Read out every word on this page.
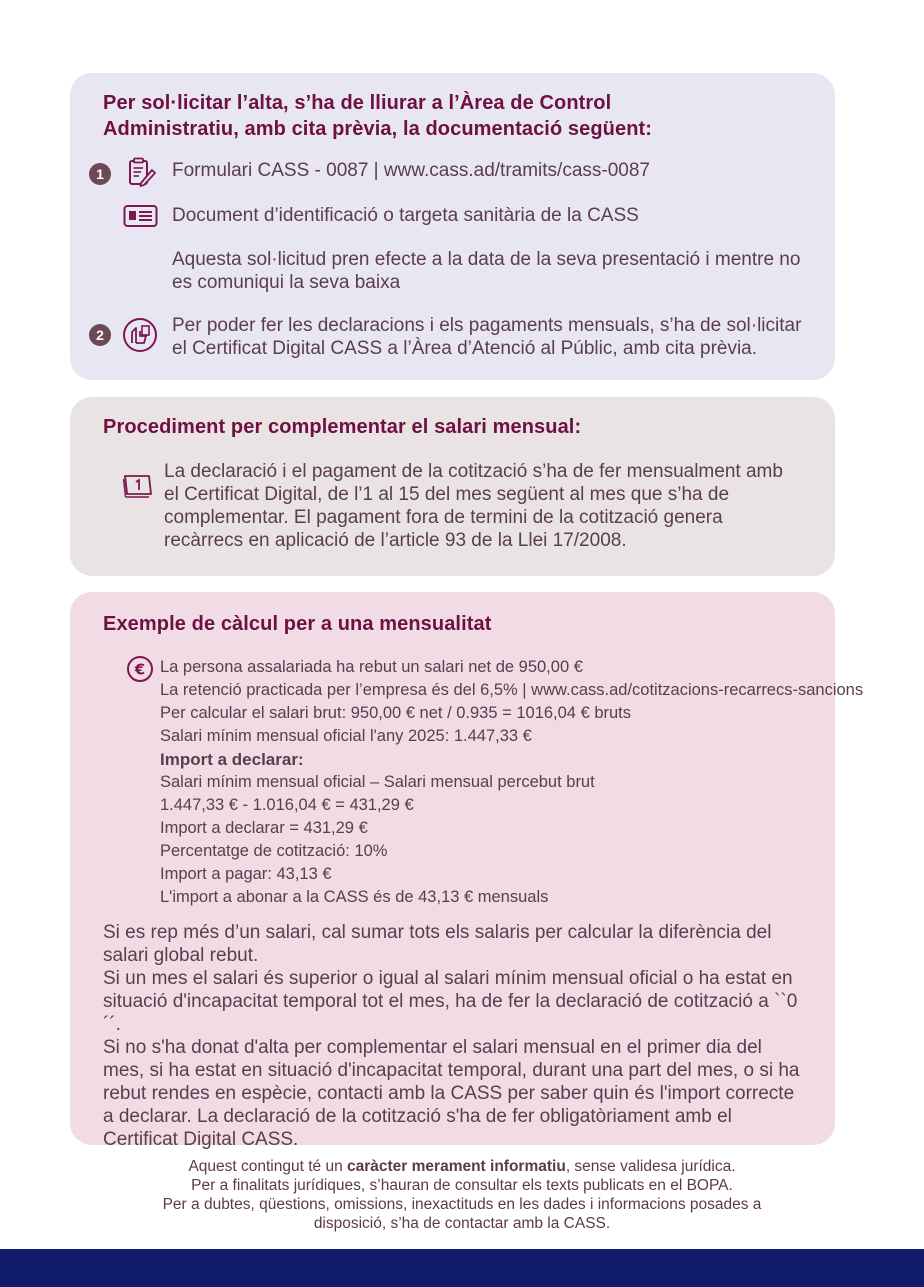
Per sol·licitar l’alta, s’ha de lliurar a l’Àrea de Control
Administratiu, amb cita prèvia, la documentació següent:
1	Formulari CASS - 0087 | www.cass.ad/tramits/cass-0087
Document d’identificació o targeta sanitària de la CASS
Aquesta sol·licitud pren efecte a la data de la seva presentació i mentre no
es comuniqui la seva baixa
2	Per poder fer les declaracions i els pagaments mensuals, s’ha de sol·licitar
el Certificat Digital CASS a l’Àrea d’Atenció al Públic, amb cita prèvia.
Procediment per complementar el salari mensual:
La declaració i el pagament de la cotització s’ha de fer mensualment amb
el Certificat Digital, de l’1 al 15 del mes següent al mes que s’ha de
complementar. El pagament fora de termini de la cotització genera
recàrrecs en aplicació de l’article 93 de la Llei 17/2008.
Exemple de càlcul per a una mensualitat
€ La persona assalariada ha rebut un salari net de 950,00 €
La retenció practicada per l’empresa és del 6,5% | www.cass.ad/cotitzacions-recarrecs-sancions
Per calcular el salari brut: 950,00 € net / 0.935 = 1016,04 € bruts
Salari mínim mensual oficial l'any 2025: 1.447,33 €
Import a declarar:
Salari mínim mensual oficial – Salari mensual percebut brut
1.447,33 € - 1.016,04 € = 431,29 €
Import a declarar = 431,29 €
Percentatge de cotització: 10%
Import a pagar: 43,13 €
L'import a abonar a la CASS és de 43,13 € mensuals
Si es rep més d’un salari, cal sumar tots els salaris per calcular la diferència del
salari global rebut.
Si un mes el salari és superior o igual al salari mínim mensual oficial o ha estat en
situació d'incapacitat temporal tot el mes, ha de fer la declaració de cotització a ``0´´.
Si no s'ha donat d'alta per complementar el salari mensual en el primer dia del
mes, si ha estat en situació d'incapacitat temporal, durant una part del mes, o si ha
rebut rendes en espècie, contacti amb la CASS per saber quin és l'import correcte
a declarar. La declaració de la cotització s'ha de fer obligatòriament amb el
Certificat Digital CASS.
Aquest contingut té un caràcter merament informatiu, sense validesa jurídica.
Per a finalitats jurídiques, s’hauran de consultar els texts publicats en el BOPA.
Per a dubtes, qüestions, omissions, inexactituds en les dades i informacions posades a
disposició, s’ha de contactar amb la CASS.
